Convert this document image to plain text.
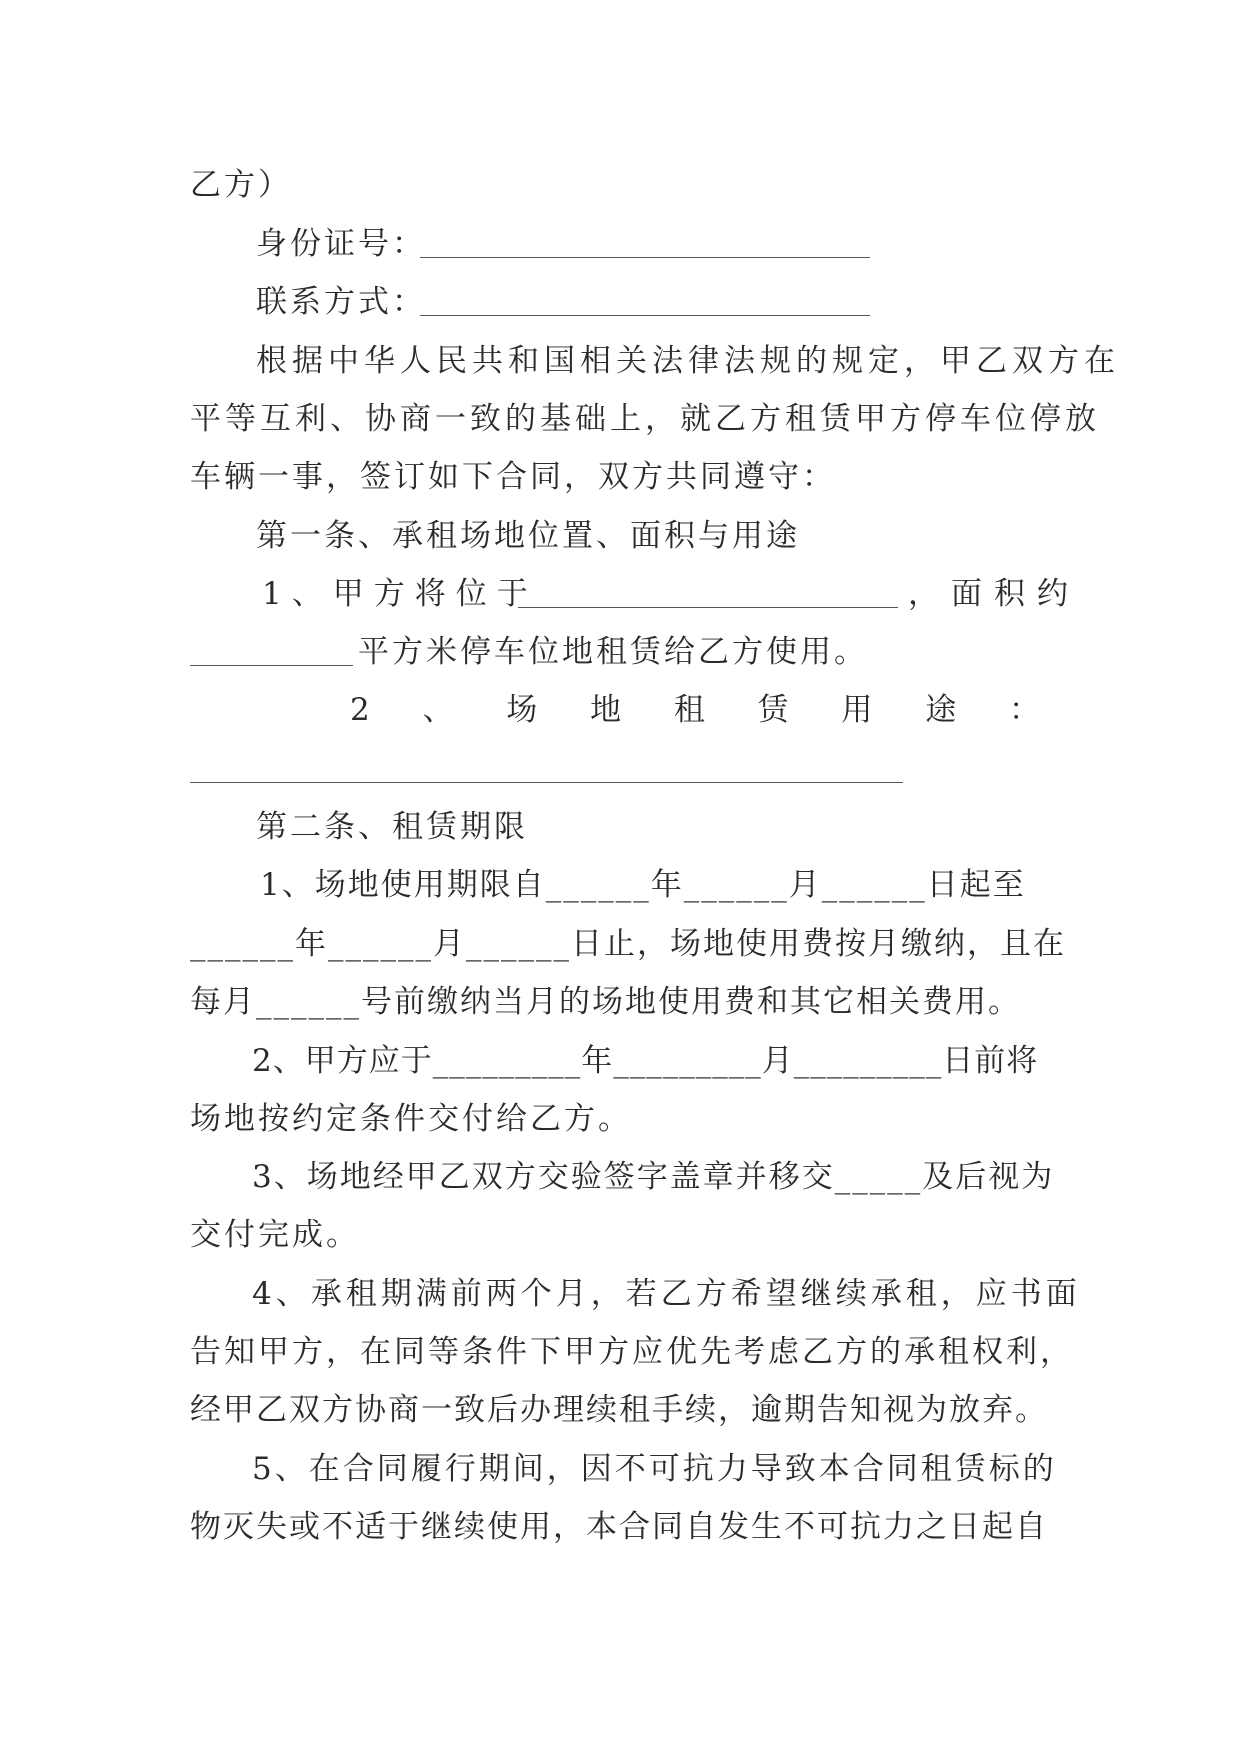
乙方）
身份证号：
联系方式：
根据中华人民共和国相关法律法规的规定，甲乙双方在
平等互利、协商一致的基础上，就乙方租赁甲方停车位停放
车辆一事，签订如下合同，双方共同遵守：
第一条、承租场地位置、面积与用途
1、甲方将位于	，面积约
平方米停车位地租赁给乙方使用。
2、场地租赁用途：
第二条、租赁期限
1、场地使用期限自______年______月______日起至
______年______月______日止，场地使用费按月缴纳，且在
每月______号前缴纳当月的场地使用费和其它相关费用。
2、甲方应于_________年_________月_________日前将
场地按约定条件交付给乙方。
3、场地经甲乙双方交验签字盖章并移交_____及后视为
交付完成。
4、承租期满前两个月，若乙方希望继续承租，应书面
告知甲方，在同等条件下甲方应优先考虑乙方的承租权利，
经甲乙双方协商一致后办理续租手续，逾期告知视为放弃。
5、在合同履行期间，因不可抗力导致本合同租赁标的
物灭失或不适于继续使用，本合同自发生不可抗力之日起自
